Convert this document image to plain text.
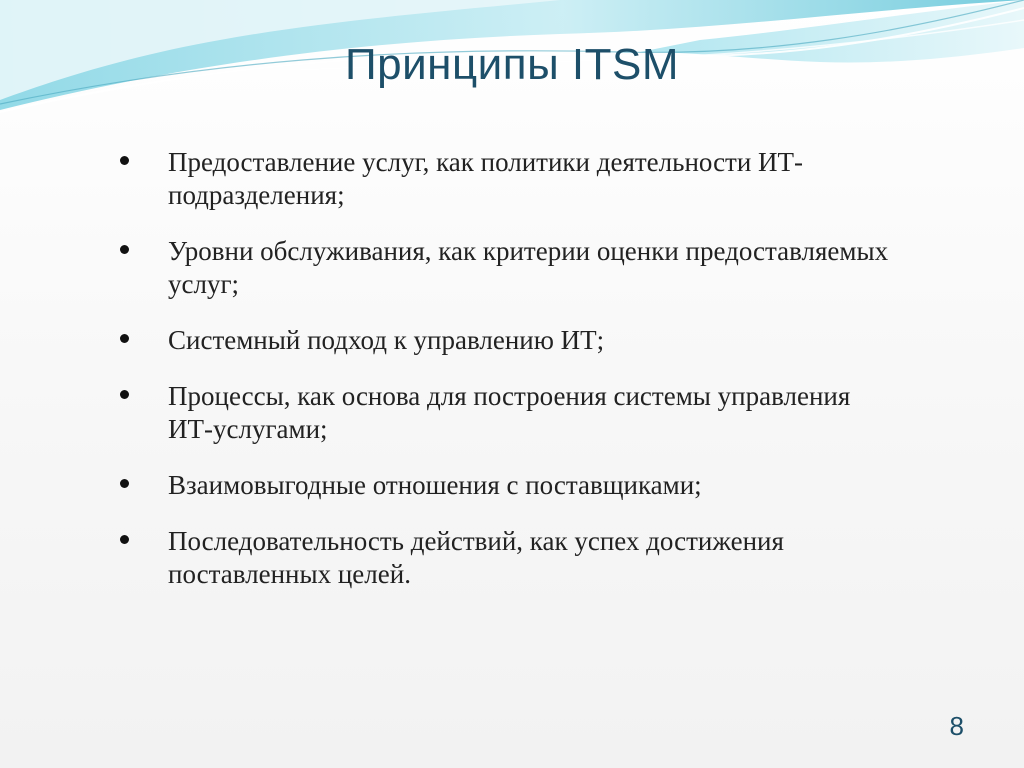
Принципы ITSM
Предоставление услуг, как политики деятельности ИТ-подразделения;
Уровни обслуживания, как критерии оценки предоставляемых услуг;
Системный подход к управлению ИТ;
Процессы, как основа для построения системы управления ИТ-услугами;
Взаимовыгодные отношения с поставщиками;
Последовательность действий, как успех достижения поставленных целей.
8
